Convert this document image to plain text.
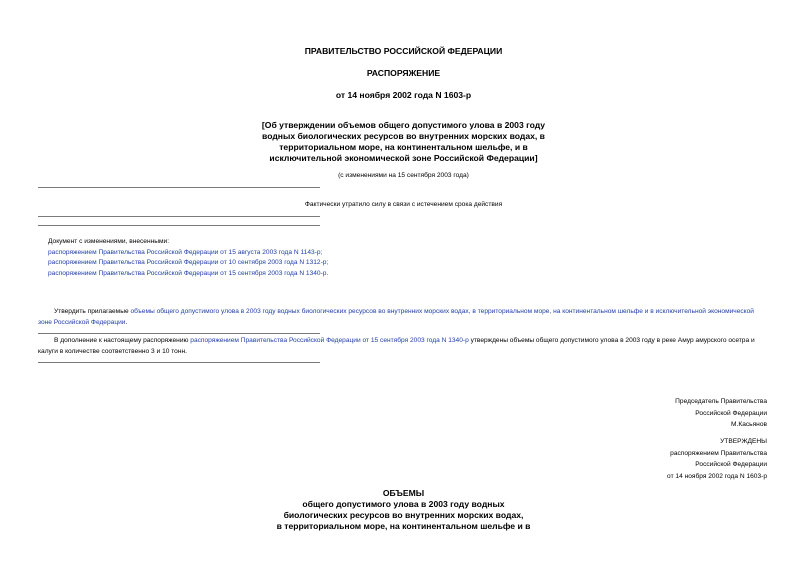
ПРАВИТЕЛЬСТВО РОССИЙСКОЙ ФЕДЕРАЦИИ
РАСПОРЯЖЕНИЕ
от 14 ноября 2002 года N 1603-р
[Об утверждении объемов общего допустимого улова в 2003 году
водных биологических ресурсов во внутренних морских водах, в
территориальном море, на континентальном шельфе, и в
исключительной экономической зоне Российской Федерации]
(с изменениями на 15 сентября 2003 года)
Фактически утратило силу в связи с истечением срока действия
Документ с изменениями, внесенными:
распоряжением Правительства Российской Федерации от 15 августа 2003 года N 1143-р;
распоряжением Правительства Российской Федерации от 10 сентября 2003 года N 1312-р;
распоряжением Правительства Российской Федерации от 15 сентября 2003 года N 1340-р.
Утвердить прилагаемые объемы общего допустимого улова в 2003 году водных биологических ресурсов во внутренних морских водах, в территориальном море, на континентальном шельфе и в исключительной экономической зоне Российской Федерации.
В дополнение к настоящему распоряжению распоряжением Правительства Российской Федерации от 15 сентября 2003 года N 1340-р утверждены объемы общего допустимого улова в 2003 году в реке Амур амурского осетра и калуги в количестве соответственно 3 и 10 тонн.
Председатель Правительства
Российской Федерации
М.Касьянов
УТВЕРЖДЕНЫ
распоряжением Правительства
Российской Федерации
от 14 ноября 2002 года N 1603-р
ОБЪЕМЫ
общего допустимого улова в 2003 году водных
биологических ресурсов во внутренних морских водах,
в территориальном море, на континентальном шельфе и в
